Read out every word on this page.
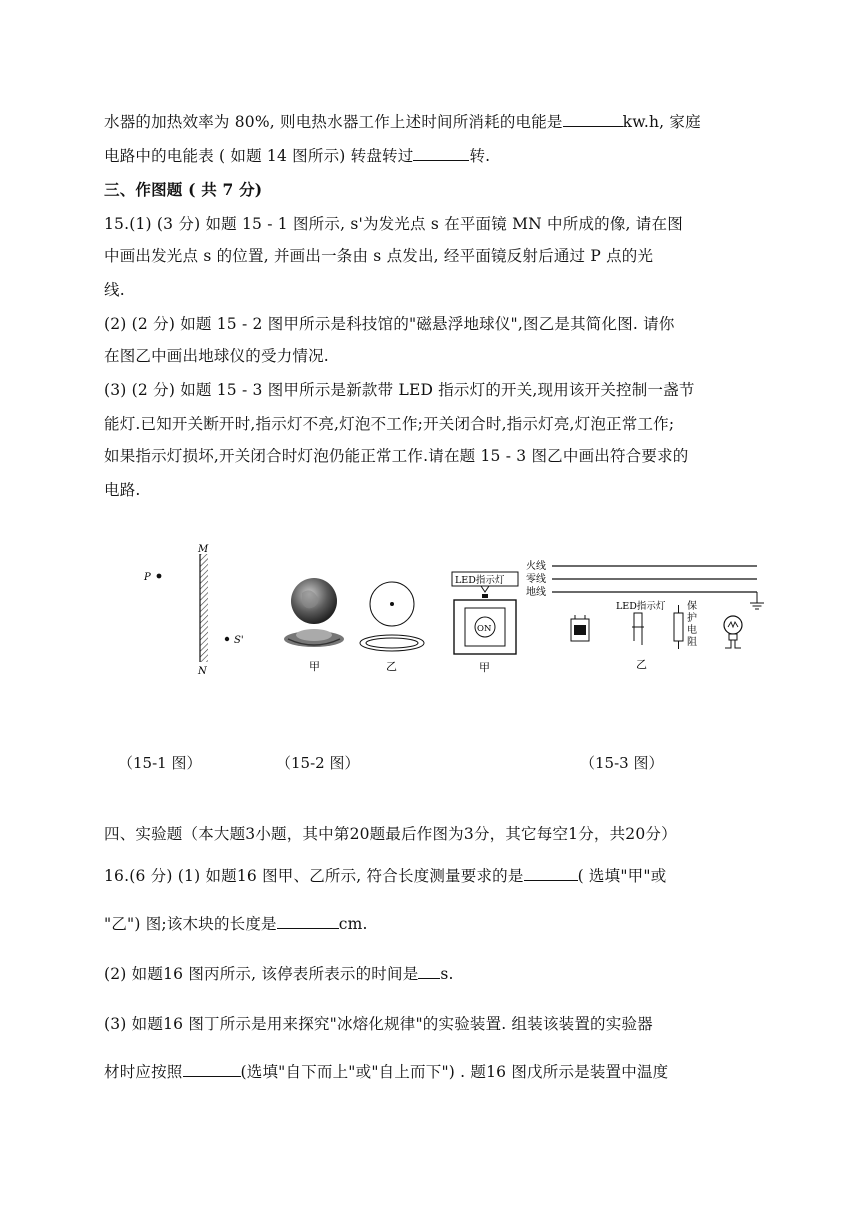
水器的加热效率为 80%, 则电热水器工作上述时间所消耗的电能是	kw.h, 家庭
电路中的电能表 ( 如题 14 图所示) 转盘转过	转.
三、作图题 ( 共 7 分)
15.(1) (3 分) 如题 15 - 1 图所示, s'为发光点 s 在平面镜 MN 中所成的像, 请在图
中画出发光点 s 的位置, 并画出一条由 s 点发出, 经平面镜反射后通过 P 点的光
线.
(2) (2 分) 如题 15 - 2 图甲所示是科技馆的"磁悬浮地球仪",图乙是其简化图. 请你
在图乙中画出地球仪的受力情况.
(3) (2 分) 如题 15 - 3 图甲所示是新款带 LED 指示灯的开关,现用该开关控制一盏节
能灯.已知开关断开时,指示灯不亮,灯泡不工作;开关闭合时,指示灯亮,灯泡正常工作;
如果指示灯损坏,开关闭合时灯泡仍能正常工作.请在题 15 - 3 图乙中画出符合要求的
电路.
M
N
P
S'
甲	乙
LED指示灯
ON
甲
火线
零线
地线
LED指示灯 保
护
电
阻
乙
（15-1 图）	（15-2 图）	（15-3 图）
四、实验题（本大题3小题，其中第20题最后作图为3分，其它每空1分，共20分）
16.(6 分) (1) 如题16 图甲、乙所示, 符合长度测量要求的是	( 选填"甲"或
"乙") 图;该木块的长度是	cm.
(2) 如题16 图丙所示, 该停表所表示的时间是 s.
(3) 如题16 图丁所示是用来探究"冰熔化规律"的实验装置. 组装该装置的实验器
材时应按照	(选填"自下而上"或"自上而下") . 题16 图戊所示是装置中温度
